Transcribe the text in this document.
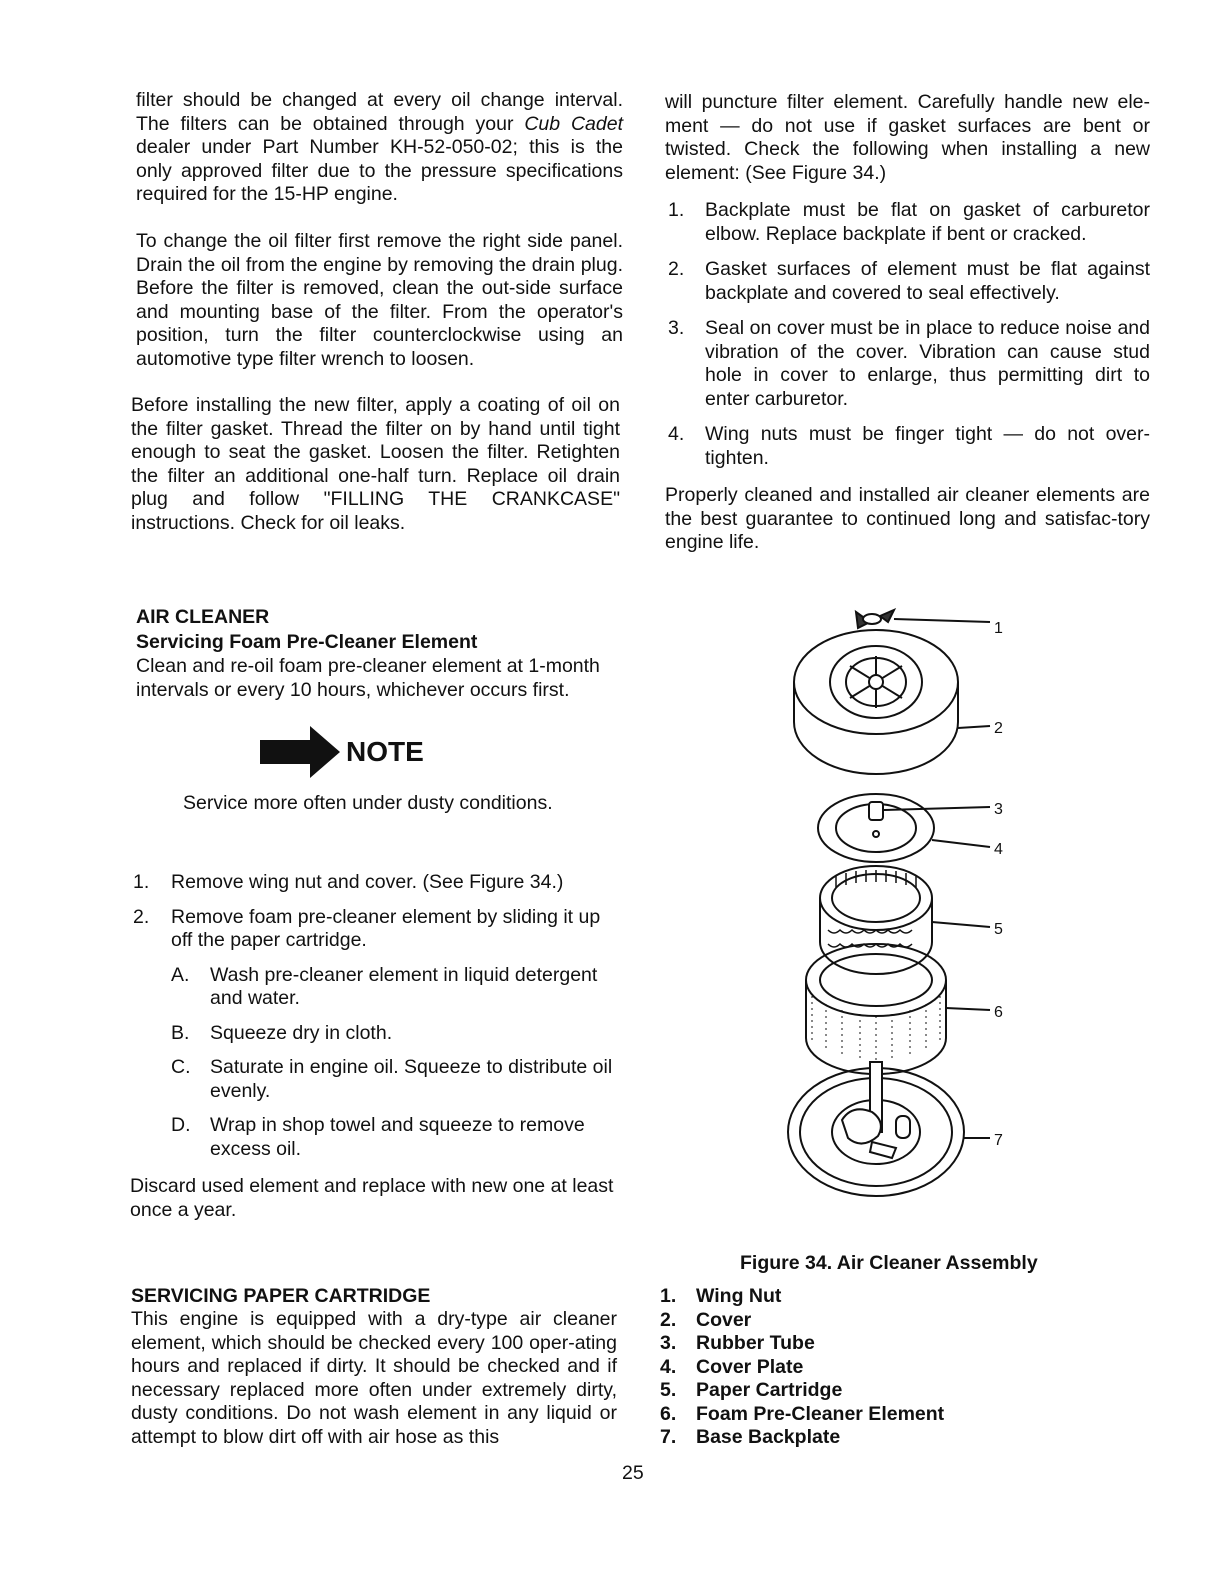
filter should be changed at every oil change interval. The filters can be obtained through your Cub Cadet dealer under Part Number KH-52-050-02; this is the only approved filter due to the pressure specifications required for the 15-HP engine.
To change the oil filter first remove the right side panel. Drain the oil from the engine by removing the drain plug. Before the filter is removed, clean the out-side surface and mounting base of the filter. From the operator's position, turn the filter counterclockwise using an automotive type filter wrench to loosen.
Before installing the new filter, apply a coating of oil on the filter gasket. Thread the filter on by hand until tight enough to seat the gasket. Loosen the filter. Retighten the filter an additional one-half turn. Replace oil drain plug and follow "FILLING THE CRANKCASE" instructions. Check for oil leaks.
AIR CLEANER
Servicing Foam Pre-Cleaner Element
Clean and re-oil foam pre-cleaner element at 1-month intervals or every 10 hours, whichever occurs first.
NOTE
Service more often under dusty conditions.
1. Remove wing nut and cover. (See Figure 34.)
2. Remove foam pre-cleaner element by sliding it up off the paper cartridge.
A. Wash pre-cleaner element in liquid detergent and water.
B. Squeeze dry in cloth.
C. Saturate in engine oil. Squeeze to distribute oil evenly.
D. Wrap in shop towel and squeeze to remove excess oil.
Discard used element and replace with new one at least once a year.
SERVICING PAPER CARTRIDGE
This engine is equipped with a dry-type air cleaner element, which should be checked every 100 oper-ating hours and replaced if dirty. It should be checked and if necessary replaced more often under extremely dirty, dusty conditions. Do not wash element in any liquid or attempt to blow dirt off with air hose as this
will puncture filter element. Carefully handle new ele-ment — do not use if gasket surfaces are bent or twisted. Check the following when installing a new element: (See Figure 34.)
1. Backplate must be flat on gasket of carburetor elbow. Replace backplate if bent or cracked.
2. Gasket surfaces of element must be flat against backplate and covered to seal effectively.
3. Seal on cover must be in place to reduce noise and vibration of the cover. Vibration can cause stud hole in cover to enlarge, thus permitting dirt to enter carburetor.
4. Wing nuts must be finger tight — do not over-tighten.
Properly cleaned and installed air cleaner elements are the best guarantee to continued long and satisfac-tory engine life.
1
2
3
4
5
6
7
Figure 34. Air Cleaner Assembly
1.	Wing Nut
2.	Cover
3.	Rubber Tube
4.	Cover Plate
5.	Paper Cartridge
6.	Foam Pre-Cleaner Element
7.	Base Backplate
25
